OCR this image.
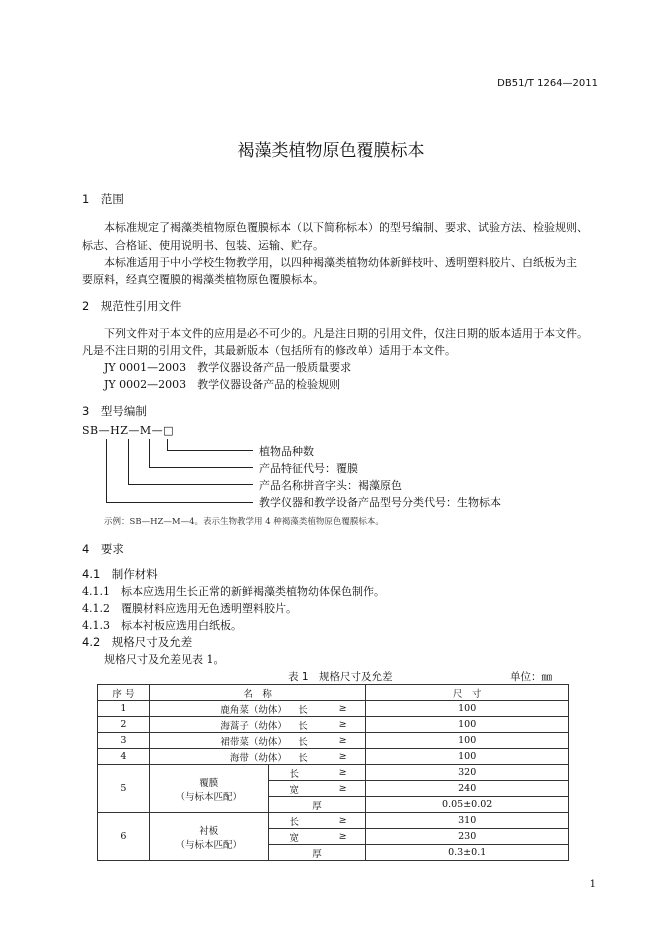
DB51/T 1264—2011
褐藻类植物原色覆膜标本
1　范围
本标准规定了褐藻类植物原色覆膜标本（以下简称标本）的型号编制、要求、试验方法、检验规则、
标志、合格证、使用说明书、包装、运输、贮存。
本标准适用于中小学校生物教学用，以四种褐藻类植物幼体新鲜枝叶、透明塑料胶片、白纸板为主
要原料，经真空覆膜的褐藻类植物原色覆膜标本。
2　规范性引用文件
下列文件对于本文件的应用是必不可少的。凡是注日期的引用文件，仅注日期的版本适用于本文件。
凡是不注日期的引用文件，其最新版本（包括所有的修改单）适用于本文件。
JY 0001—2003　教学仪器设备产品一般质量要求
JY 0002—2003　教学仪器设备产品的检验规则
3　型号编制
SB—HZ—M—□
植物品种数
产品特征代号：覆膜
产品名称拼音字头：褐藻原色
教学仪器和教学设备产品型号分类代号：生物标本
示例：SB—HZ—M—4。表示生物教学用 4 种褐藻类植物原色覆膜标本。
4　要求
4.1　制作材料
4.1.1　标本应选用生长正常的新鲜褐藻类植物幼体保色制作。
4.1.2　覆膜材料应选用无色透明塑料胶片。
4.1.3　标本衬板应选用白纸板。
4.2　规格尺寸及允差
规格尺寸及允差见表 1。
表 1　规格尺寸及允差	单位：㎜
序 号	名　称			尺　寸
1	鹿角菜（幼体） 长		≥	100
2	海蒿子（幼体） 长		≥	100
3	裙带菜（幼体） 长		≥	100
4	海带（幼体） 长		≥	100
5	覆膜
（与标本匹配）	长	≥	320
		宽	≥	240
		厚		0.05±0.02
6	衬板
（与标本匹配）	长	≥	310
		宽	≥	230
		厚		0.3±0.1
1
